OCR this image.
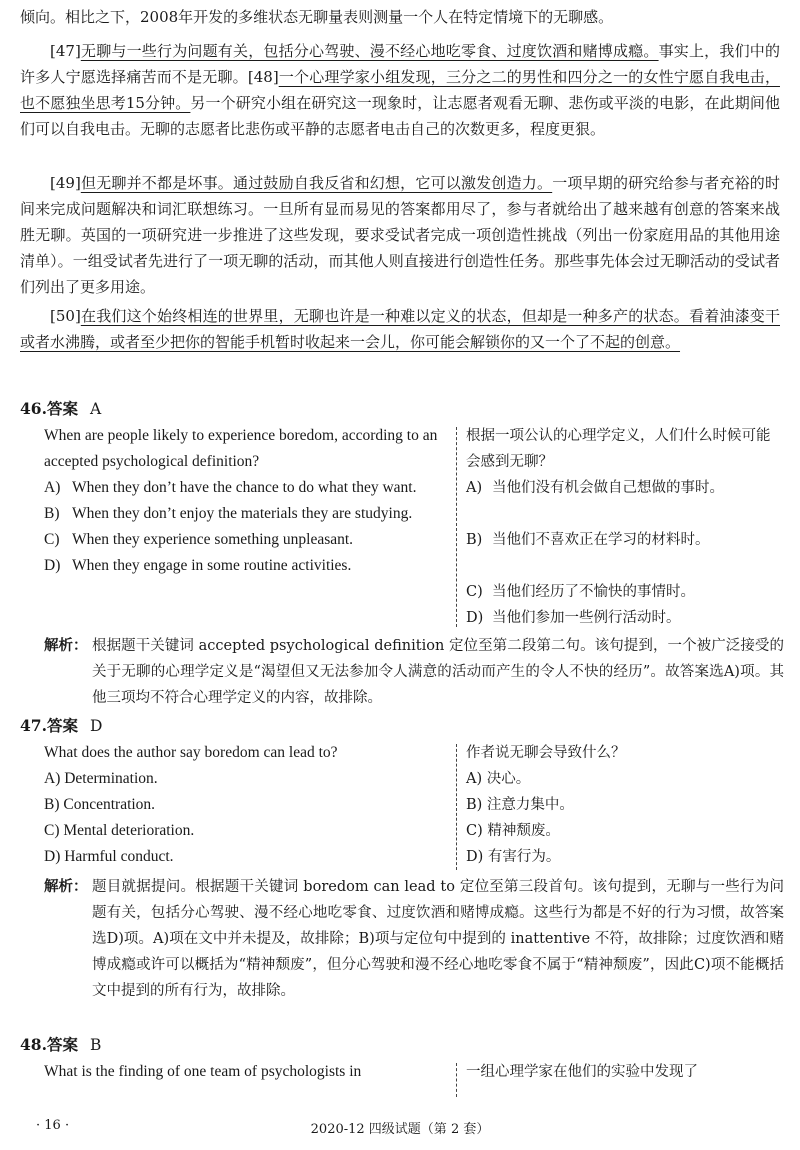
倾向。相比之下，2008年开发的多维状态无聊量表则测量一个人在特定情境下的无聊感。

[47]无聊与一些行为问题有关，包括分心驾驶、漫不经心地吃零食、过度饮酒和赌博成瘾。事实上，我们中的许多人宁愿选择痛苦而不是无聊。[48]一个心理学家小组发现，三分之二的男性和四分之一的女性宁愿自我电击，也不愿独坐思考15分钟。另一个研究小组在研究这一现象时，让志愿者观看无聊、悲伤或平淡的电影，在此期间他们可以自我电击。无聊的志愿者比悲伤或平静的志愿者电击自己的次数更多，程度更狠。

[49]但无聊并不都是坏事。通过鼓励自我反省和幻想，它可以激发创造力。一项早期的研究给参与者充裕的时间来完成问题解决和词汇联想练习。一旦所有显而易见的答案都用尽了，参与者就给出了越来越有创意的答案来战胜无聊。英国的一项研究进一步推进了这些发现，要求受试者完成一项创造性挑战（列出一份家庭用品的其他用途清单）。一组受试者先进行了一项无聊的活动，而其他人则直接进行创造性任务。那些事先体会过无聊活动的受试者们列出了更多用途。

[50]在我们这个始终相连的世界里，无聊也许是一种难以定义的状态，但却是一种多产的状态。看着油漆变干或者水沸腾，或者至少把你的智能手机暂时收起来一会儿，你可能会解锁你的又一个了不起的创意。

46.答案 A
When are people likely to experience boredom, according to an accepted psychological definition?
A) When they don’t have the chance to do what they want.
B) When they don’t enjoy the materials they are studying.
C) When they experience something unpleasant.
D) When they engage in some routine activities.
根据一项公认的心理学定义，人们什么时候可能会感到无聊？
A) 当他们没有机会做自己想做的事时。
B) 当他们不喜欢正在学习的材料时。
C) 当他们经历了不愉快的事情时。
D) 当他们参加一些例行活动时。
解析： 根据题干关键词 accepted psychological definition 定位至第二段第二句。该句提到，一个被广泛接受的关于无聊的心理学定义是“渴望但又无法参加令人满意的活动而产生的令人不快的经历”。故答案选A)项。其他三项均不符合心理学定义的内容，故排除。
47.答案 D
What does the author say boredom can lead to?
A) Determination.
B) Concentration.
C) Mental deterioration.
D) Harmful conduct.
作者说无聊会导致什么？
A) 决心。
B) 注意力集中。
C) 精神颓废。
D) 有害行为。
解析： 题目就据提问。根据题干关键词 boredom can lead to 定位至第三段首句。该句提到，无聊与一些行为问题有关，包括分心驾驶、漫不经心地吃零食、过度饮酒和赌博成瘾。这些行为都是不好的行为习惯，故答案选D)项。A)项在文中并未提及，故排除；B)项与定位句中提到的 inattentive 不符，故排除；过度饮酒和赌博成瘾或许可以概括为“精神颓废”，但分心驾驶和漫不经心地吃零食不属于“精神颓废”，因此C)项不能概括文中提到的所有行为，故排除。
48.答案 B
What is the finding of one team of psychologists in	一组心理学家在他们的实验中发现了
· 16 ·	2020-12 四级试题（第 2 套）
